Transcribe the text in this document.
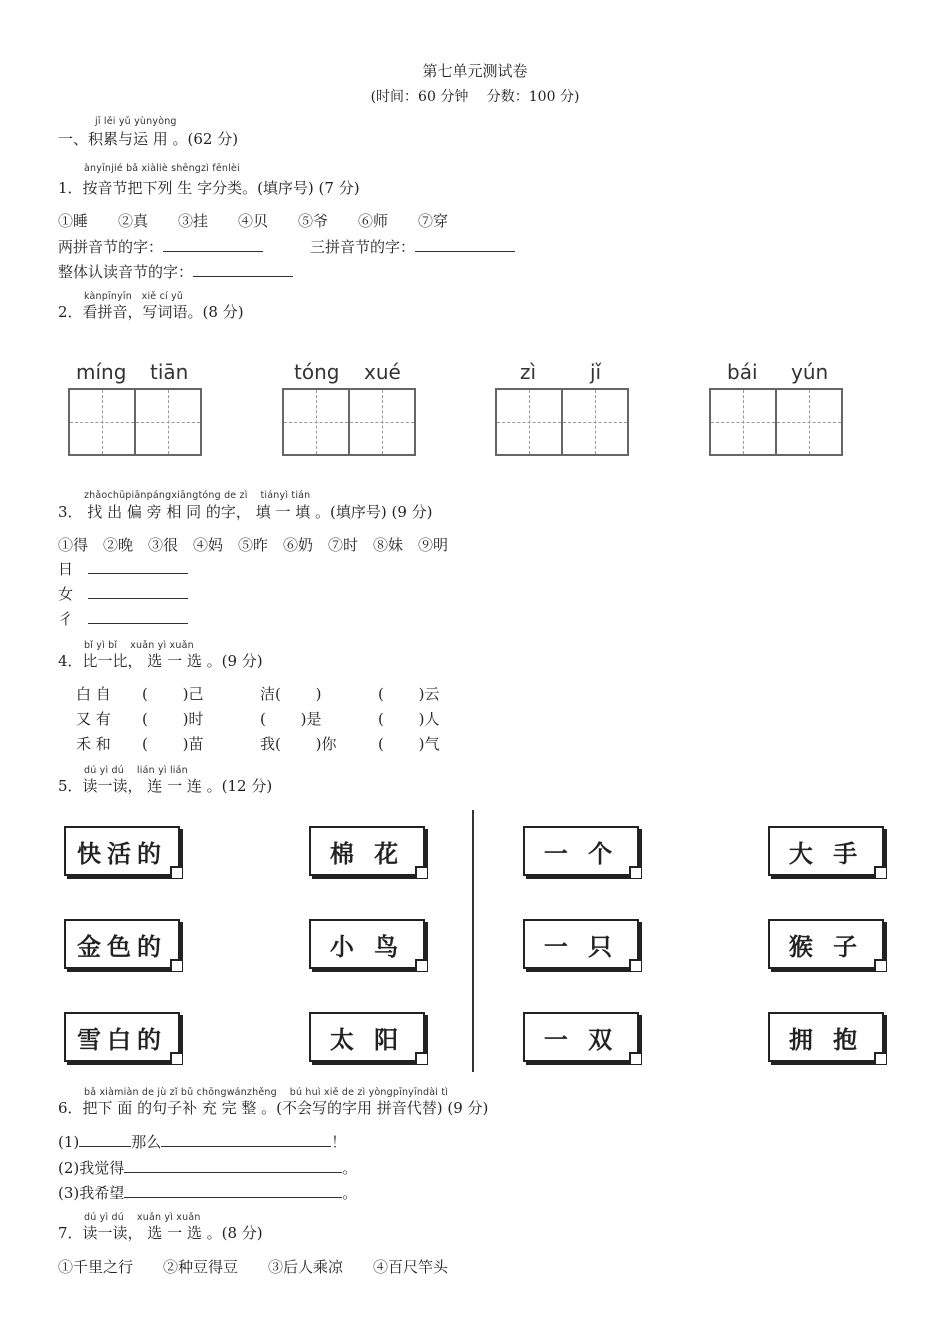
第七单元测试卷
(时间：60 分钟　 分数：100 分)
jī lěi yǔ yùnyòng
一、积累与运 用 。(62 分)
ànyīnjié bǎ xiàliè shēngzì fēnlèi
1．按音节把下列 生 字分类。(填序号) (7 分)
①睡　　②真　　③挂　　④贝　　⑤爷　　⑥师　　⑦穿
两拼音节的字：	三拼音节的字：
整体认读音节的字：
kànpīnyīn　xiě cí yǔ
2．看拼音，写词语。(8 分)
míng tiān	tóng xué	zì	jǐ	bái yún
zhǎochūpiānpángxiāngtóng de zì　 tiányì tián
3． 找 出 偏 旁 相 同 的字， 填 一 填 。(填序号) (9 分)
①得　②晚　③很　④妈　⑤昨　⑥奶　⑦时　⑧妹　⑨明
日　
女　
彳　
bǐ yì bǐ　 xuǎn yì xuǎn
4．比一比， 选 一 选 。(9 分)
白 自 (　 　)己	洁(　 　)	(　 　)云
又 有 (　 　)时	(　 　)是	(　 　)人
禾 和 (　 　)苗	我(　 　)你	(　 　)气
dú yì dú　 lián yì lián
5．读一读， 连 一 连 。(12 分)
快活的
金色的
雪白的
棉 花
小 鸟
太 阳
一 个
一 只
一 双
大 手
猴 子
拥 抱
bǎ xiàmiàn de jù zǐ bǔ chōngwánzhěng　 bú huì xiě de zì yòngpīnyīndài tì
6．把下 面 的句子补 充 完 整 。(不会写的字用 拼音代替) (9 分)
(1)	那么	！
(2)我觉得	。
(3)我希望	。
dú yì dú　 xuǎn yì xuǎn
7．读一读， 选 一 选 。(8 分)
①千里之行　　②种豆得豆　　③后人乘凉　　④百尺竿头
